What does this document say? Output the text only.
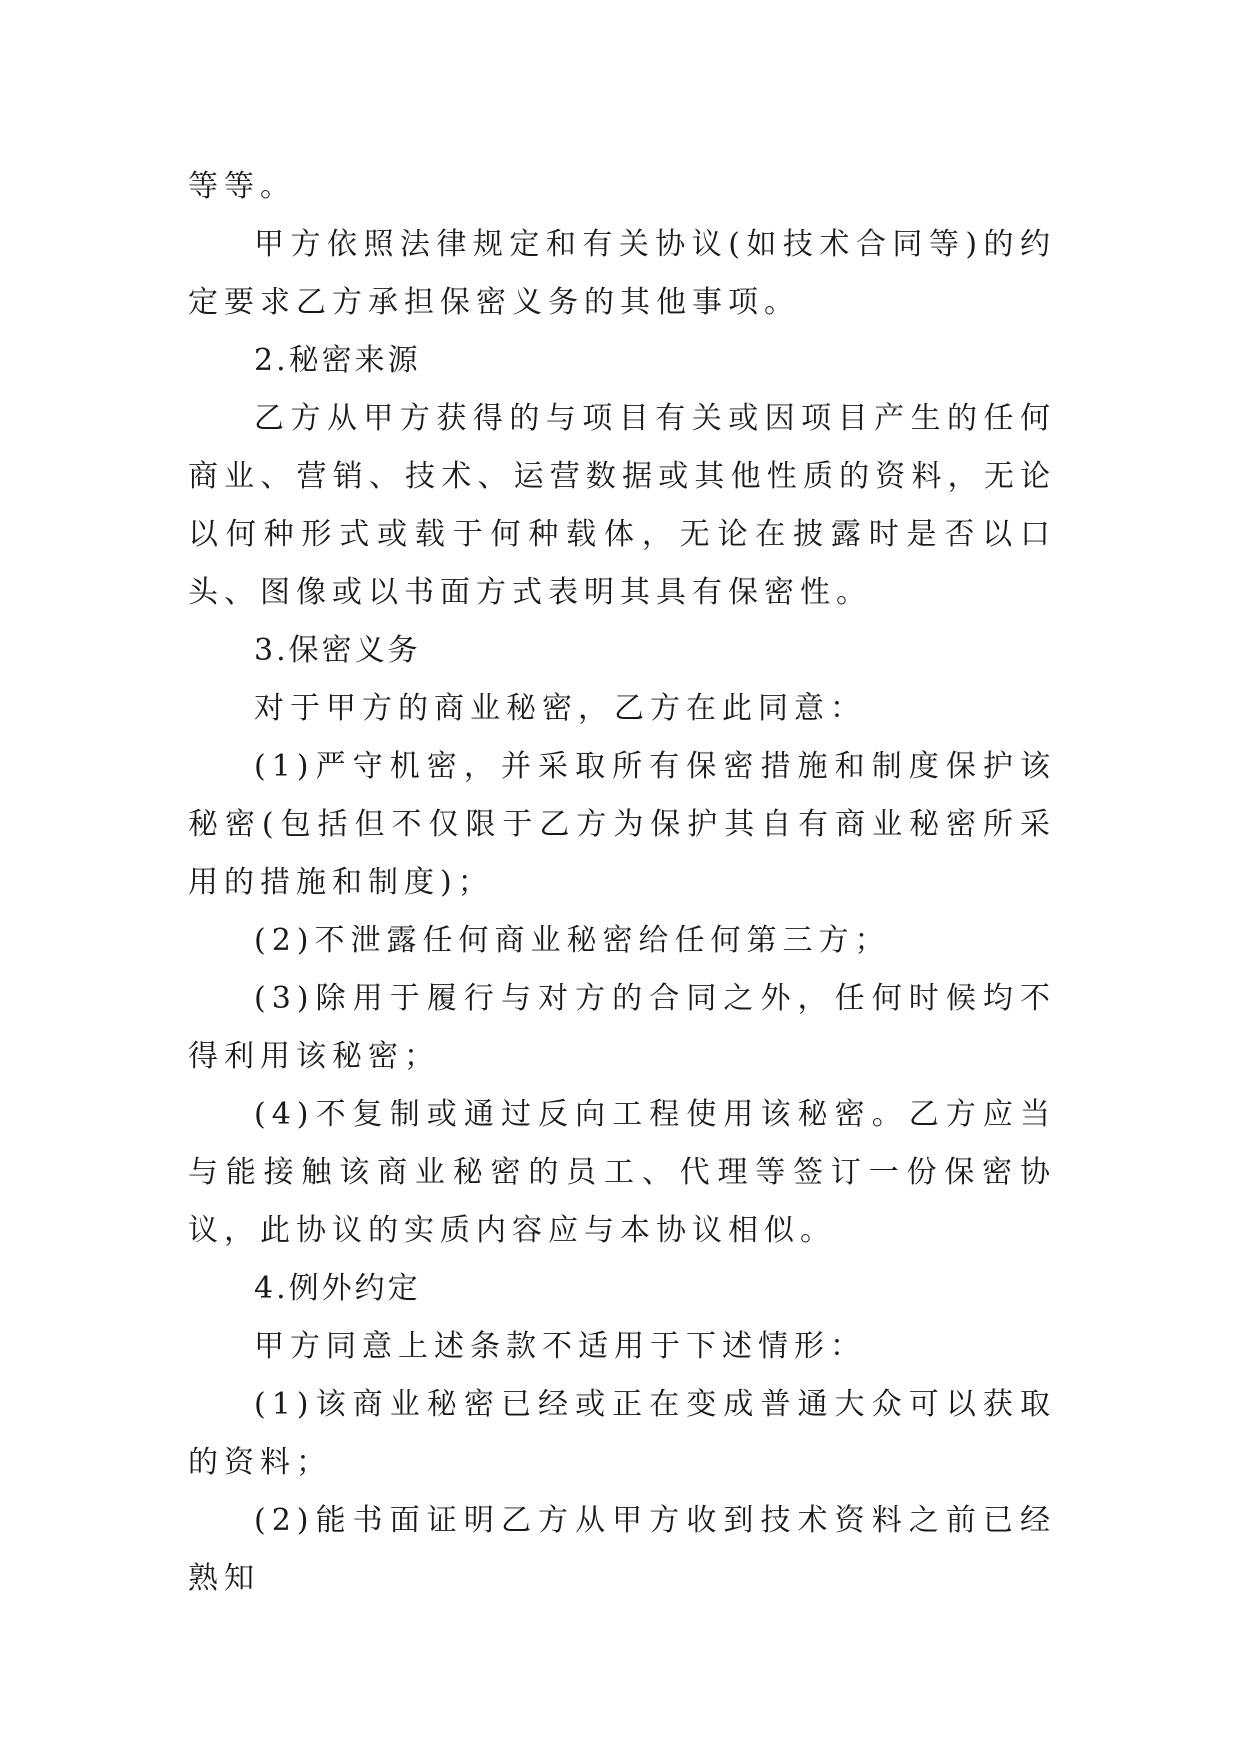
等等。

甲方依照法律规定和有关协议(如技术合同等)的约定要求乙方承担保密义务的其他事项。

2.秘密来源

乙方从甲方获得的与项目有关或因项目产生的任何商业、营销、技术、运营数据或其他性质的资料，无论以何种形式或载于何种载体，无论在披露时是否以口头、图像或以书面方式表明其具有保密性。

3.保密义务

对于甲方的商业秘密，乙方在此同意：

(1)严守机密，并采取所有保密措施和制度保护该秘密(包括但不仅限于乙方为保护其自有商业秘密所采用的措施和制度)；

(2)不泄露任何商业秘密给任何第三方；

(3)除用于履行与对方的合同之外，任何时候均不得利用该秘密；

(4)不复制或通过反向工程使用该秘密。乙方应当与能接触该商业秘密的员工、代理等签订一份保密协议，此协议的实质内容应与本协议相似。

4.例外约定

甲方同意上述条款不适用于下述情形：

(1)该商业秘密已经或正在变成普通大众可以获取的资料；

(2)能书面证明乙方从甲方收到技术资料之前已经熟知
